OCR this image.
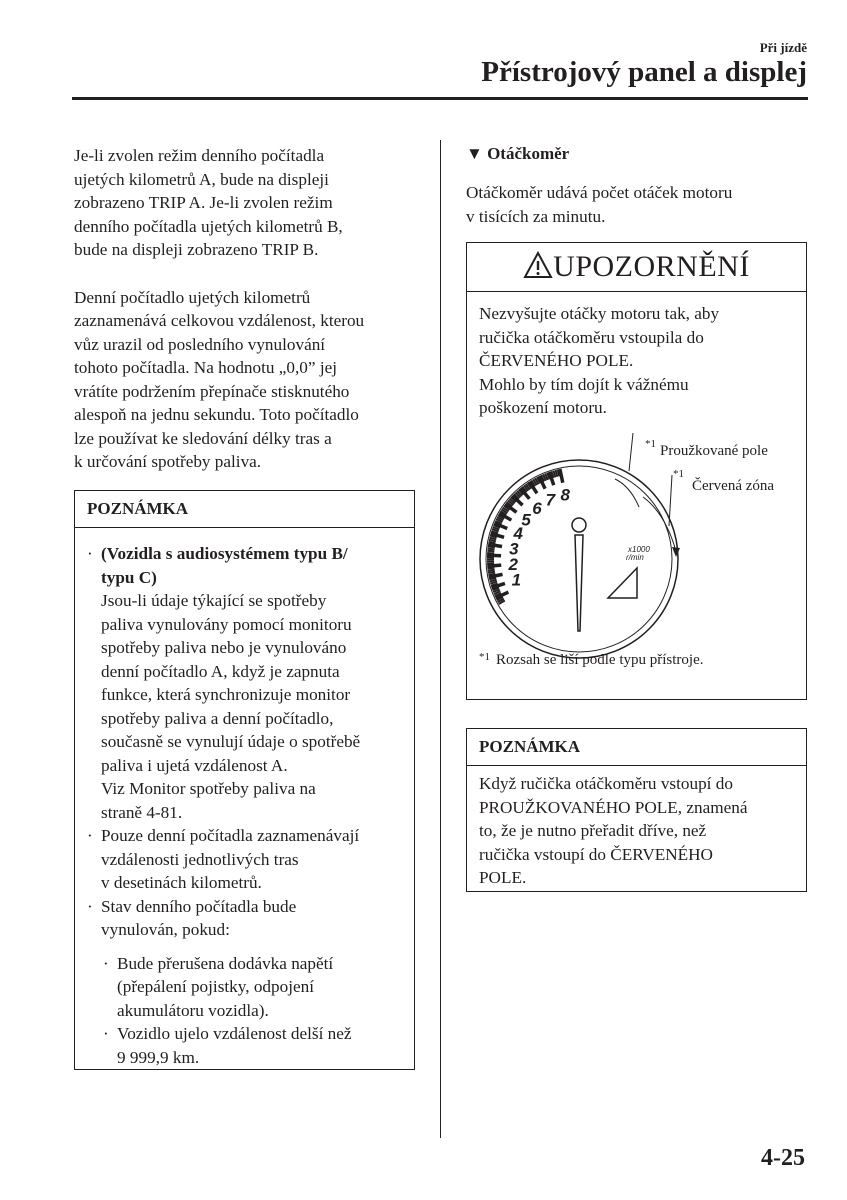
Při jízdě
Přístrojový panel a displej

Je-li zvolen režim denního počítadla
ujetých kilometrů A, bude na displeji
zobrazeno TRIP A. Je-li zvolen režim
denního počítadla ujetých kilometrů B,
bude na displeji zobrazeno TRIP B.

Denní počítadlo ujetých kilometrů
zaznamenává celkovou vzdálenost, kterou
vůz urazil od posledního vynulování
tohoto počítadla. Na hodnotu „0,0” jej
vrátíte podržením přepínače stisknutého
alespoň na jednu sekundu. Toto počítadlo
lze používat ke sledování délky tras a
k určování spotřeby paliva.

POZNÁMKA
· (Vozidla s audiosystémem typu B/
typu C)
Jsou-li údaje týkající se spotřeby
paliva vynulovány pomocí monitoru
spotřeby paliva nebo je vynulováno
denní počítadlo A, když je zapnuta
funkce, která synchronizuje monitor
spotřeby paliva a denní počítadlo,
současně se vynulují údaje o spotřebě
paliva i ujetá vzdálenost A.
Viz Monitor spotřeby paliva na
straně 4-81.
· Pouze denní počítadla zaznamenávají
vzdálenosti jednotlivých tras
v desetinách kilometrů.
· Stav denního počítadla bude
vynulován, pokud:
· Bude přerušena dodávka napětí
(přepálení pojistky, odpojení
akumulátoru vozidla).
· Vozidlo ujelo vzdálenost delší než
9 999,9 km.
▼ Otáčkoměr

Otáčkoměr udává počet otáček motoru
v tisících za minutu.

UPOZORNĚNÍ
Nezvyšujte otáčky motoru tak, aby
ručička otáčkoměru vstoupila do
ČERVENÉHO POLE.
Mohlo by tím dojít k vážnému
poškození motoru.
1
2
3
4
5
6 7 8
x1000
r/min
*1 Proužkované pole
*1
Červená zóna
*1 Rozsah se liší podle typu přístroje.
POZNÁMKA
Když ručička otáčkoměru vstoupí do
PROUŽKOVANÉHO POLE, znamená
to, že je nutno přeřadit dříve, než
ručička vstoupí do ČERVENÉHO
POLE.
4-25
